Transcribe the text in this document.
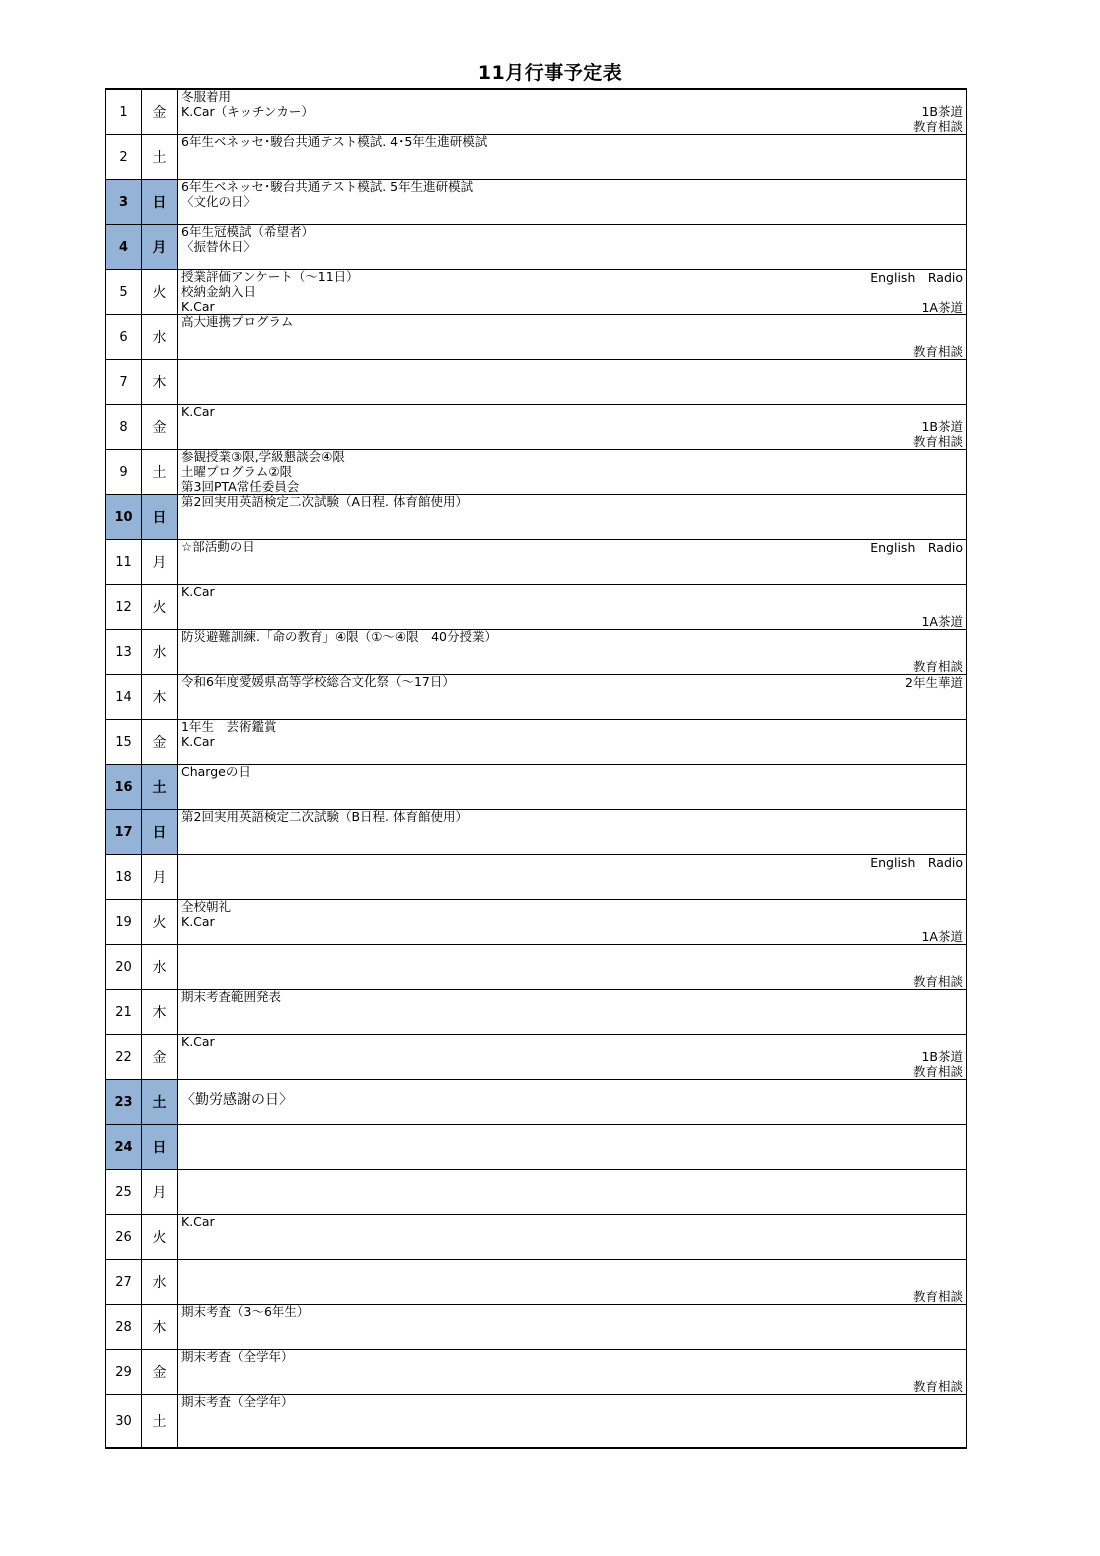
11月行事予定表
1	金	冬服着用
K.Car（キッチンカー） 1B茶道
教育相談

2	土	6年生ベネッセ･駿台共通テスト模試. 4･5年生進研模試

3	日	6年生ベネッセ･駿台共通テスト模試. 5年生進研模試
〈文化の日〉

4	月	6年生冠模試（希望者）
〈振替休日〉

5	火	授業評価アンケート（～11日）
校納金納入日
K.Car
English　Radio
1A茶道

6	水	高大連携プログラム
教育相談

7	木	

8	金	K.Car
1B茶道
教育相談

9	土	参観授業③限,学級懇談会④限
土曜プログラム②限
第3回PTA常任委員会

10	日	第2回実用英語検定二次試験（A日程. 体育館使用）

11	月	☆部活動の日 English　Radio

12	火	K.Car
1A茶道

13	水	防災避難訓練.「命の教育」④限（①～④限　40分授業）
教育相談

14	木	令和6年度愛媛県高等学校総合文化祭（～17日） 2年生華道

15	金	1年生　芸術鑑賞
K.Car

16	土	Chargeの日

17	日	第2回実用英語検定二次試験（B日程. 体育館使用）

18	月	English　Radio

19	火	全校朝礼
K.Car
1A茶道

20	水	教育相談

21	木	期末考査範囲発表

22	金	K.Car
1B茶道
教育相談

23	土	〈勤労感謝の日〉

24	日	

25	月	

26	火	K.Car

27	水	教育相談

28	木	期末考査（3～6年生）

29	金	期末考査（全学年）
教育相談

30	土	期末考査（全学年）
